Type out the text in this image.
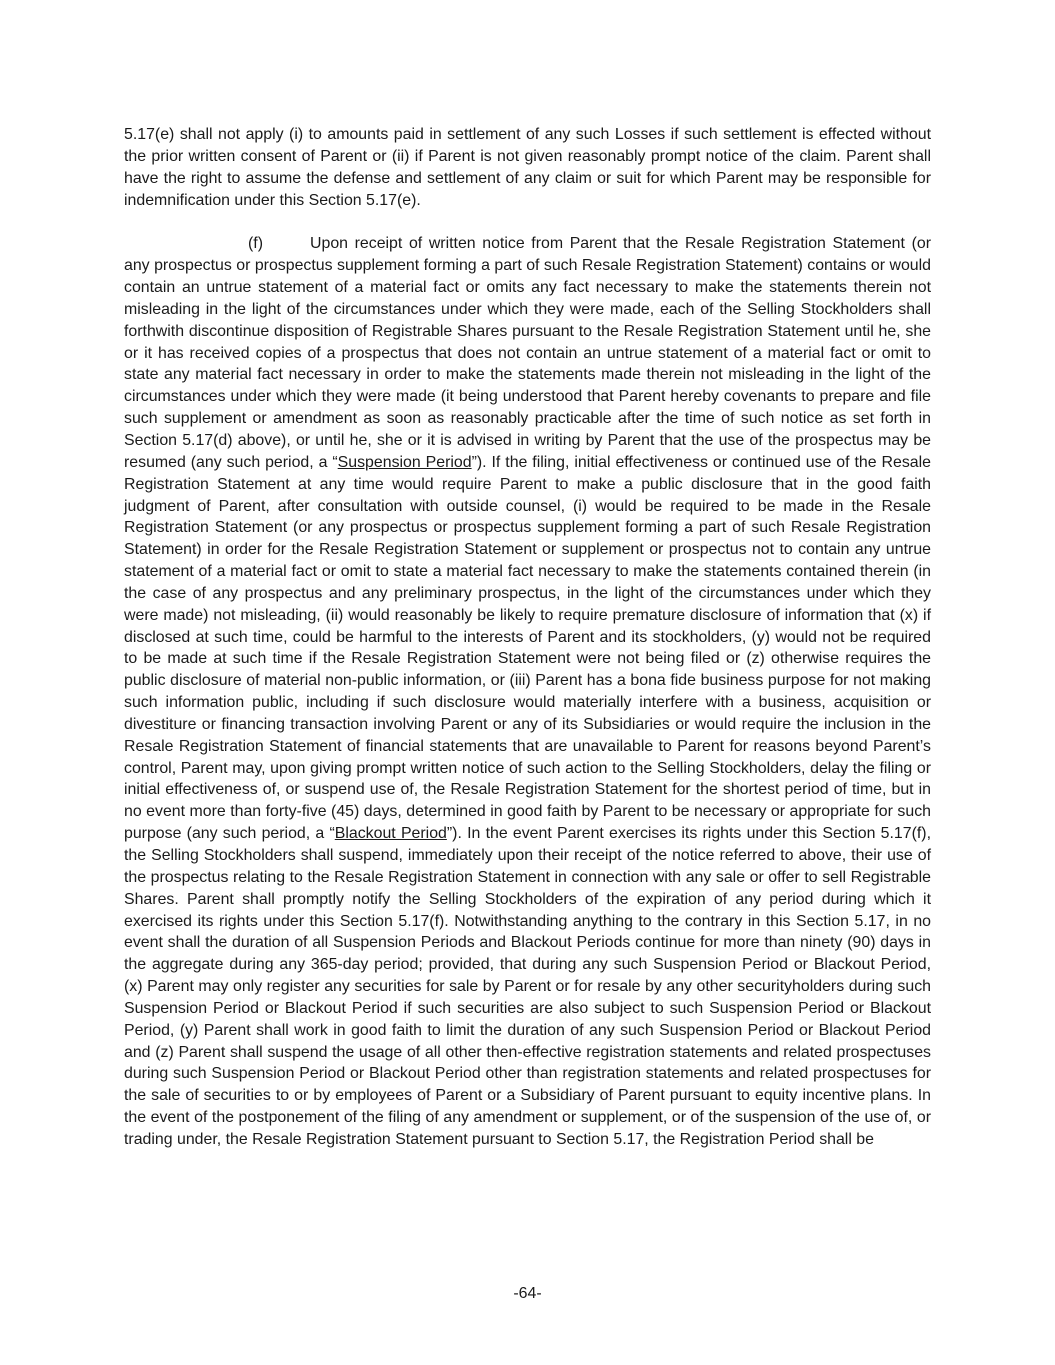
5.17(e) shall not apply (i) to amounts paid in settlement of any such Losses if such settlement is effected without the prior written consent of Parent or (ii) if Parent is not given reasonably prompt notice of the claim. Parent shall have the right to assume the defense and settlement of any claim or suit for which Parent may be responsible for indemnification under this Section 5.17(e).

(f)	Upon receipt of written notice from Parent that the Resale Registration Statement (or any prospectus or prospectus supplement forming a part of such Resale Registration Statement) contains or would contain an untrue statement of a material fact or omits any fact necessary to make the statements therein not misleading in the light of the circumstances under which they were made, each of the Selling Stockholders shall forthwith discontinue disposition of Registrable Shares pursuant to the Resale Registration Statement until he, she or it has received copies of a prospectus that does not contain an untrue statement of a material fact or omit to state any material fact necessary in order to make the statements made therein not misleading in the light of the circumstances under which they were made (it being understood that Parent hereby covenants to prepare and file such supplement or amendment as soon as reasonably practicable after the time of such notice as set forth in Section 5.17(d) above), or until he, she or it is advised in writing by Parent that the use of the prospectus may be resumed (any such period, a “Suspension Period”). If the filing, initial effectiveness or continued use of the Resale Registration Statement at any time would require Parent to make a public disclosure that in the good faith judgment of Parent, after consultation with outside counsel, (i) would be required to be made in the Resale Registration Statement (or any prospectus or prospectus supplement forming a part of such Resale Registration Statement) in order for the Resale Registration Statement or supplement or prospectus not to contain any untrue statement of a material fact or omit to state a material fact necessary to make the statements contained therein (in the case of any prospectus and any preliminary prospectus, in the light of the circumstances under which they were made) not misleading, (ii) would reasonably be likely to require premature disclosure of information that (x) if disclosed at such time, could be harmful to the interests of Parent and its stockholders, (y) would not be required to be made at such time if the Resale Registration Statement were not being filed or (z) otherwise requires the public disclosure of material non-public information, or (iii) Parent has a bona fide business purpose for not making such information public, including if such disclosure would materially interfere with a business, acquisition or divestiture or financing transaction involving Parent or any of its Subsidiaries or would require the inclusion in the Resale Registration Statement of financial statements that are unavailable to Parent for reasons beyond Parent’s control, Parent may, upon giving prompt written notice of such action to the Selling Stockholders, delay the filing or initial effectiveness of, or suspend use of, the Resale Registration Statement for the shortest period of time, but in no event more than forty-five (45) days, determined in good faith by Parent to be necessary or appropriate for such purpose (any such period, a “Blackout Period”). In the event Parent exercises its rights under this Section 5.17(f), the Selling Stockholders shall suspend, immediately upon their receipt of the notice referred to above, their use of the prospectus relating to the Resale Registration Statement in connection with any sale or offer to sell Registrable Shares. Parent shall promptly notify the Selling Stockholders of the expiration of any period during which it exercised its rights under this Section 5.17(f). Notwithstanding anything to the contrary in this Section 5.17, in no event shall the duration of all Suspension Periods and Blackout Periods continue for more than ninety (90) days in the aggregate during any 365-day period; provided, that during any such Suspension Period or Blackout Period, (x) Parent may only register any securities for sale by Parent or for resale by any other securityholders during such Suspension Period or Blackout Period if such securities are also subject to such Suspension Period or Blackout Period, (y) Parent shall work in good faith to limit the duration of any such Suspension Period or Blackout Period and (z) Parent shall suspend the usage of all other then-effective registration statements and related prospectuses during such Suspension Period or Blackout Period other than registration statements and related prospectuses for the sale of securities to or by employees of Parent or a Subsidiary of Parent pursuant to equity incentive plans. In the event of the postponement of the filing of any amendment or supplement, or of the suspension of the use of, or trading under, the Resale Registration Statement pursuant to Section 5.17, the Registration Period shall be

-64-
